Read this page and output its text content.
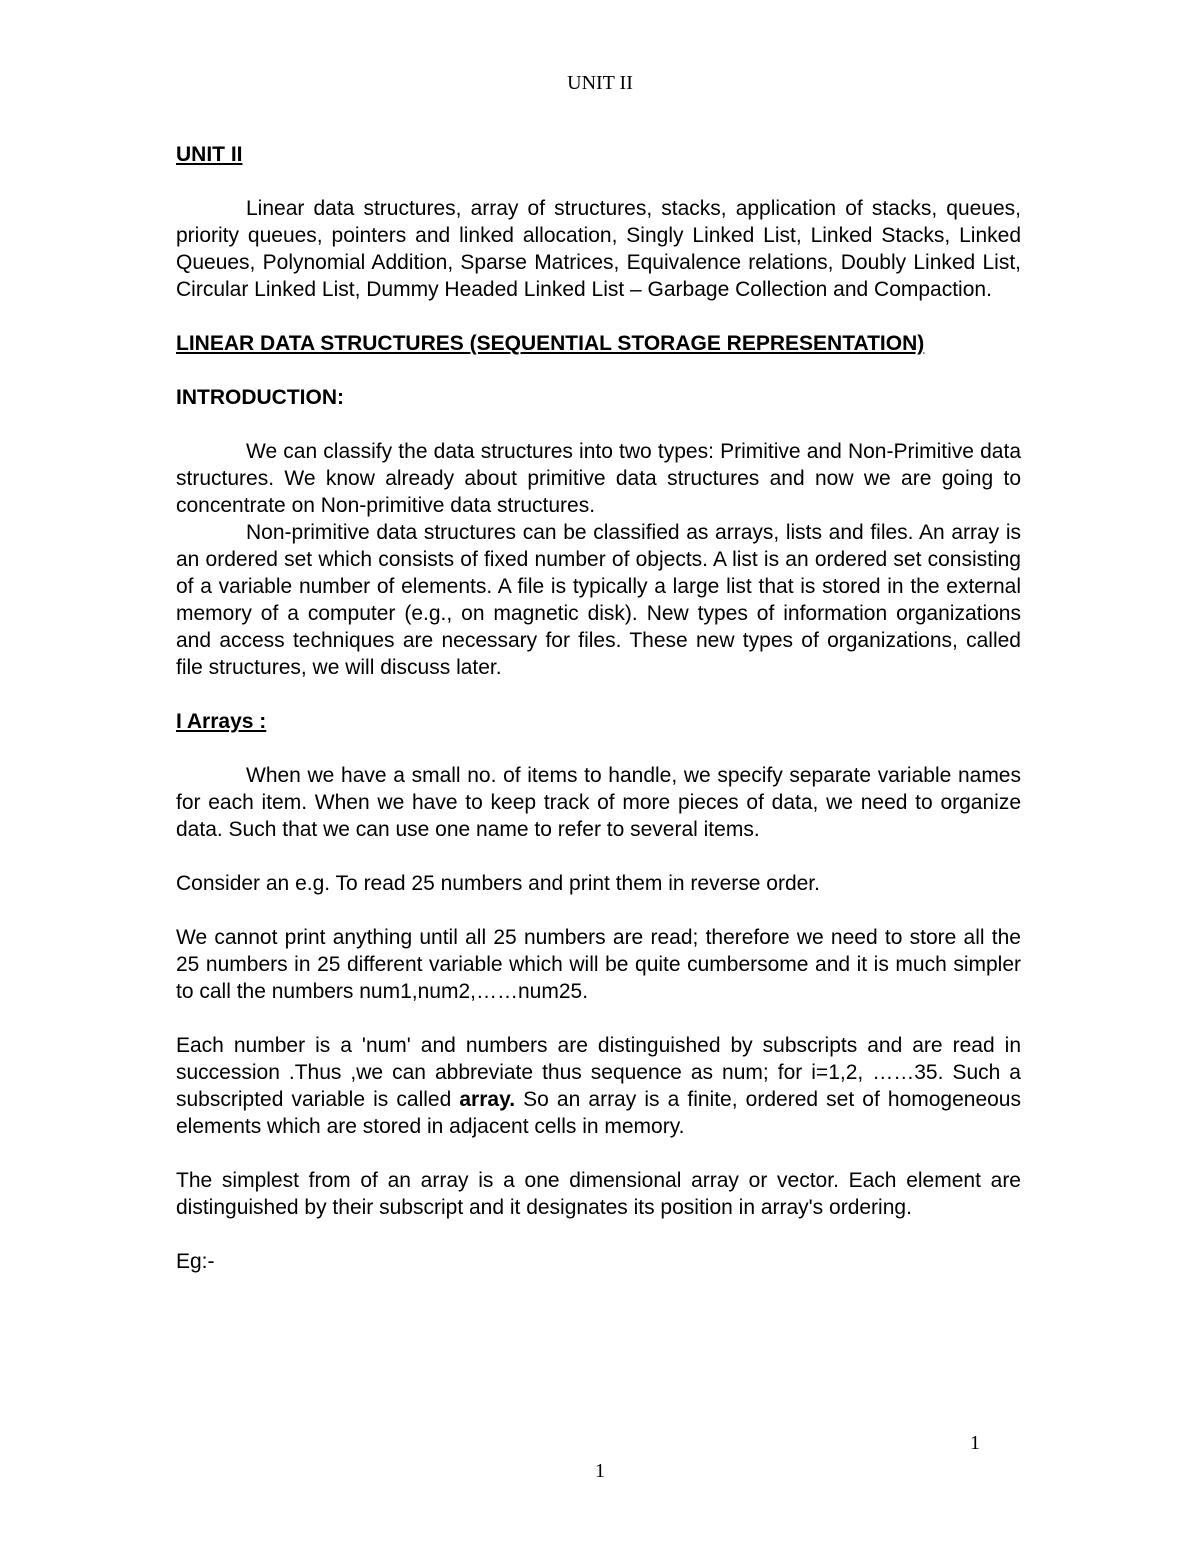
UNIT II
UNIT II

Linear data structures, array of structures, stacks, application of stacks, queues, priority queues, pointers and linked allocation, Singly Linked List, Linked Stacks, Linked Queues, Polynomial Addition, Sparse Matrices, Equivalence relations, Doubly Linked List, Circular Linked List, Dummy Headed Linked List – Garbage Collection and Compaction.

LINEAR DATA STRUCTURES (SEQUENTIAL STORAGE REPRESENTATION)
INTRODUCTION:

We can classify the data structures into two types: Primitive and Non-Primitive data structures. We know already about primitive data structures and now we are going to concentrate on Non-primitive data structures.

Non-primitive data structures can be classified as arrays, lists and files. An array is an ordered set which consists of fixed number of objects. A list is an ordered set consisting of a variable number of elements. A file is typically a large list that is stored in the external memory of a computer (e.g., on magnetic disk). New types of information organizations and access techniques are necessary for files. These new types of organizations, called file structures, we will discuss later.

I Arrays :

When we have a small no. of items to handle, we specify separate variable names for each item. When we have to keep track of more pieces of data, we need to organize data. Such that we can use one name to refer to several items.

Consider an e.g. To read 25 numbers and print them in reverse order.

We cannot print anything until all 25 numbers are read; therefore we need to store all the 25 numbers in 25 different variable which will be quite cumbersome and it is much simpler to call the numbers num1,num2,……num25.

Each number is a 'num' and numbers are distinguished by subscripts and are read in succession .Thus ,we can abbreviate thus sequence as num; for i=1,2, ……35. Such a subscripted variable is called array. So an array is a finite, ordered set of homogeneous elements which are stored in adjacent cells in memory.

The simplest from of an array is a one dimensional array or vector. Each element are distinguished by their subscript and it designates its position in array's ordering.

Eg:-

1
1
